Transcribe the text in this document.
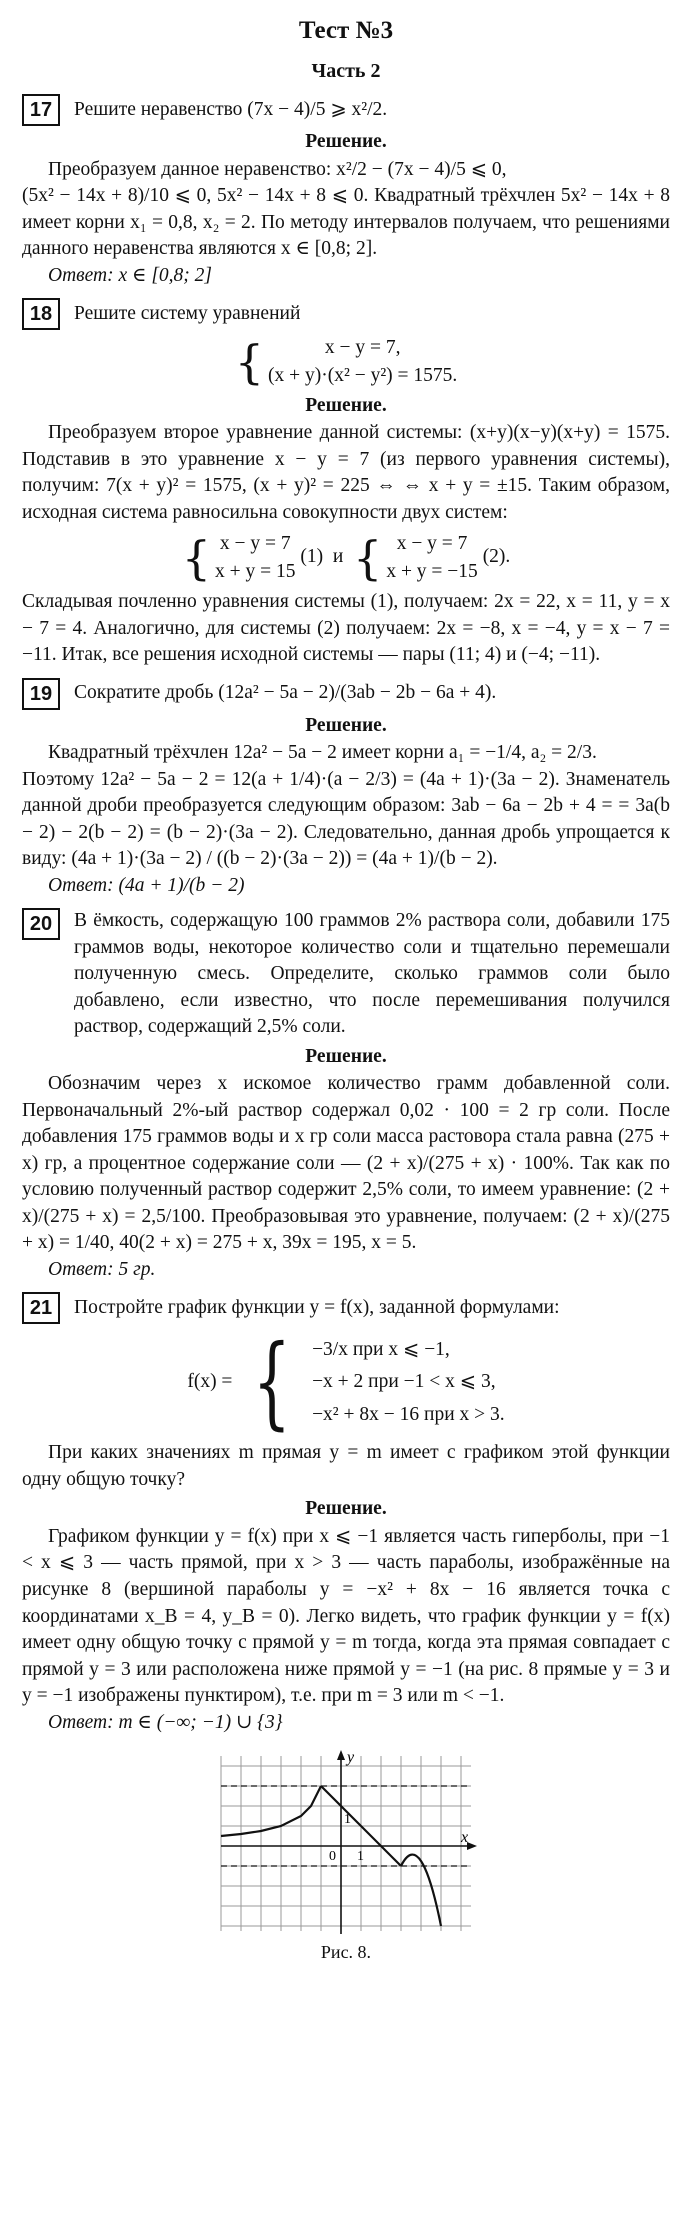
Тест №3
Часть 2
17	Решите неравенство (7x − 4)/5 ⩾ x²/2.
Решение.

Преобразуем данное неравенство: x²/2 − (7x − 4)/5 ⩽ 0,

(5x² − 14x + 8)/10 ⩽ 0, 5x² − 14x + 8 ⩽ 0. Квадратный трёхчлен 5x² − 14x + 8 имеет корни x₁ = 0,8, x₂ = 2. По методу интервалов получаем, что решениями данного неравенства являются x ∈ [0,8; 2].

Ответ: x ∈ [0,8; 2]

18	Решите систему уравнений
{	x − y = 7,
(x + y)·(x² − y²) = 1575.
Решение.

Преобразуем второе уравнение данной системы: (x+y)(x−y)(x+y) = 1575. Подставив в это уравнение x − y = 7 (из первого уравнения системы), получим: 7(x + y)² = 1575, (x + y)² = 225 ⇔ ⇔ x + y = ±15. Таким образом, исходная система равносильна совокупности двух систем:

{ x − y = 7
x + y = 15
(1) и { x − y = 7
x + y = −15
(2).

Складывая почленно уравнения системы (1), получаем: 2x = 22, x = 11, y = x − 7 = 4. Аналогично, для системы (2) получаем: 2x = −8, x = −4, y = x − 7 = −11. Итак, все решения исходной системы — пары (11; 4) и (−4; −11).

19	Сократите дробь (12a² − 5a − 2)/(3ab − 2b − 6a + 4).
Решение.

Квадратный трёхчлен 12a² − 5a − 2 имеет корни a₁ = −1/4, a₂ = 2/3.

Поэтому 12a² − 5a − 2 = 12(a + 1/4)·(a − 2/3) = (4a + 1)·(3a − 2). Знаменатель данной дроби преобразуется следующим образом: 3ab − 6a − 2b + 4 = = 3a(b − 2) − 2(b − 2) = (b − 2)·(3a − 2). Следовательно, данная дробь упрощается к виду: (4a + 1)·(3a − 2) / ((b − 2)·(3a − 2)) = (4a + 1)/(b − 2).

Ответ: (4a + 1)/(b − 2)

20	В ёмкость, содержащую 100 граммов 2% раствора соли, добавили 175 граммов воды, некоторое количество соли и тщательно перемешали полученную смесь. Определите, сколько граммов соли было добавлено, если известно, что после перемешивания получился раствор, содержащий 2,5% соли.

Решение.

Обозначим через x искомое количество грамм добавленной соли. Первоначальный 2%-ый раствор содержал 0,02 · 100 = 2 гр соли. После добавления 175 граммов воды и x гр соли масса растовора стала равна (275 + x) гр, а процентное содержание соли — (2 + x)/(275 + x) · 100%. Так как по условию полученный раствор содержит 2,5% соли, то имеем уравнение: (2 + x)/(275 + x) = 2,5/100. Преобразовывая это уравнение, получаем: (2 + x)/(275 + x) = 1/40, 40(2 + x) = 275 + x, 39x = 195, x = 5.

Ответ: 5 гр.

21	Постройте график функции y = f(x), заданной формулами:
f(x) = { −3/x при x ⩽ −1,
−x + 2 при −1 < x ⩽ 3,
−x² + 8x − 16 при x > 3.

При каких значениях m прямая y = m имеет с графиком этой функции одну общую точку?

Решение.

Графиком функции y = f(x) при x ⩽ −1 является часть гиперболы, при −1 < x ⩽ 3 — часть прямой, при x > 3 — часть параболы, изображённые на рисунке 8 (вершиной параболы y = −x² + 8x − 16 является точка с координатами x_B = 4, y_B = 0). Легко видеть, что график функции y = f(x) имеет одну общую точку с прямой y = m тогда, когда эта прямая совпадает с прямой y = 3 или расположена ниже прямой y = −1 (на рис. 8 прямые y = 3 и y = −1 изображены пунктиром), т.е. при m = 3 или m < −1.

Ответ: m ∈ (−∞; −1) ∪ {3}

y
x
0
1
1
Рис. 8.
